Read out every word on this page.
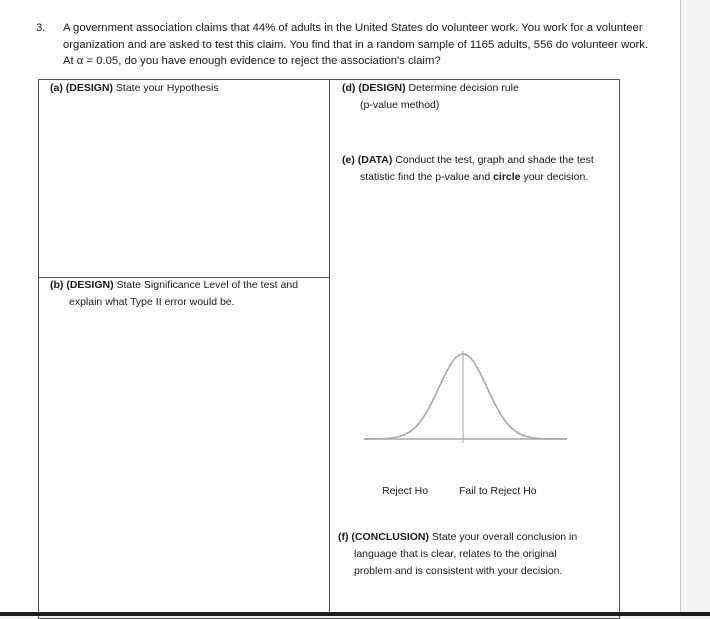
3. A government association claims that 44% of adults in the United States do volunteer work. You work for a volunteer organization and are asked to test this claim. You find that in a random sample of 1165 adults, 556 do volunteer work. At α = 0.05, do you have enough evidence to reject the association's claim?
(a) (DESIGN) State your Hypothesis
(b) (DESIGN) State Significance Level of the test and
explain what Type II error would be.
(d) (DESIGN) Determine decision rule
(p-value method)
(e) (DATA) Conduct the test, graph and shade the test
statistic find the p-value and circle your decision.
Reject Ho	Fail to Reject Ho
(f) (CONCLUSION) State your overall conclusion in
language that is clear, relates to the original
problem and is consistent with your decision.
